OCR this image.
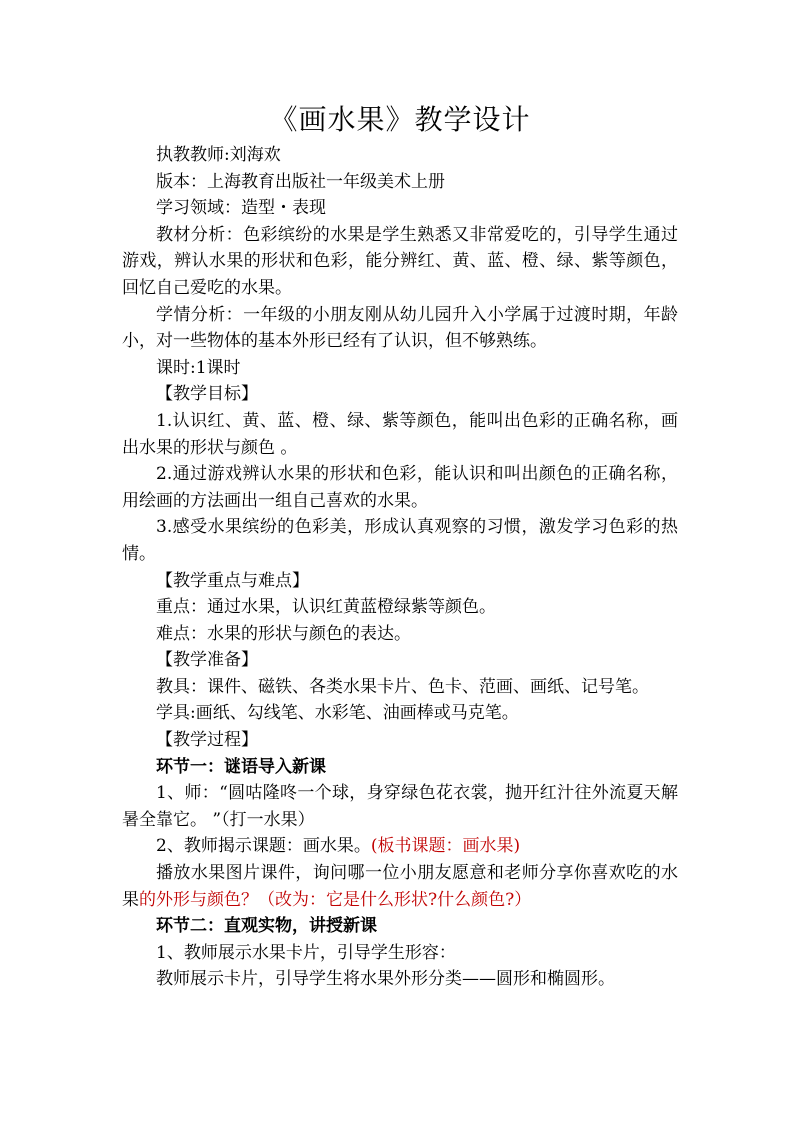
《画水果》教学设计

执教教师:刘海欢

版本：上海教育出版社一年级美术上册

学习领域：造型・表现

教材分析：色彩缤纷的水果是学生熟悉又非常爱吃的，引导学生通过游戏，辨认水果的形状和色彩，能分辨红、黄、蓝、橙、绿、紫等颜色，回忆自己爱吃的水果。

学情分析：一年级的小朋友刚从幼儿园升入小学属于过渡时期，年龄小，对一些物体的基本外形已经有了认识，但不够熟练。

课时:1课时

【教学目标】

1.认识红、黄、蓝、橙、绿、紫等颜色，能叫出色彩的正确名称，画出水果的形状与颜色 。

2.通过游戏辨认水果的形状和色彩，能认识和叫出颜色的正确名称，用绘画的方法画出一组自己喜欢的水果。

3.感受水果缤纷的色彩美，形成认真观察的习惯，激发学习色彩的热情。

【教学重点与难点】

重点：通过水果，认识红黄蓝橙绿紫等颜色。

难点：水果的形状与颜色的表达。

【教学准备】

教具：课件、磁铁、各类水果卡片、色卡、范画、画纸、记号笔。

学具:画纸、勾线笔、水彩笔、油画棒或马克笔。

【教学过程】

环节一：谜语导入新课

1、师：“圆咕隆咚一个球，身穿绿色花衣裳，抛开红汁往外流夏天解暑全靠它。 ”（打一水果）

2、教师揭示课题：画水果。(板书课题：画水果)

播放水果图片课件，询问哪一位小朋友愿意和老师分享你喜欢吃的水果的外形与颜色？（改为：它是什么形状?什么颜色?）

环节二：直观实物，讲授新课

1、教师展示水果卡片，引导学生形容：

教师展示卡片，引导学生将水果外形分类——圆形和椭圆形。
